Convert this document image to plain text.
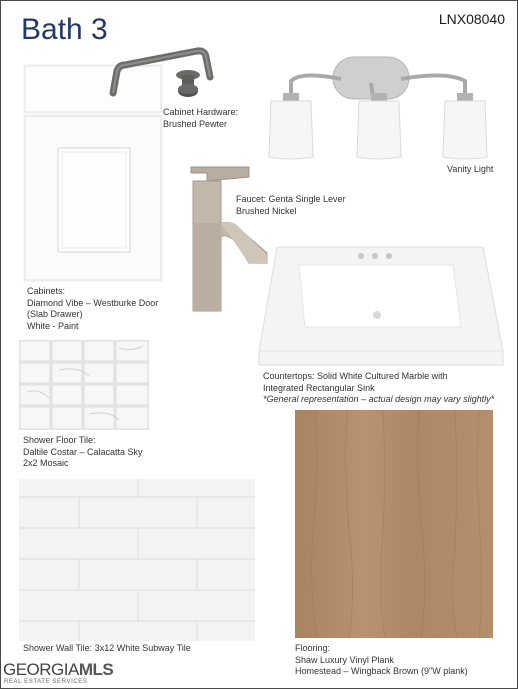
Bath 3	LNX08040
Cabinet Hardware:
Brushed Pewter
Vanity Light
Faucet: Genta Single Lever
Brushed Nickel
Cabinets:
Diamond Vibe – Westburke Door
(Slab Drawer)
White - Paint
Countertops: Solid White Cultured Marble with
Integrated Rectangular Sink
*General representation – actual design may vary slightly*
Shower Floor Tile:
Daltile Costar – Calacatta Sky
2x2 Mosaic
Shower Wall Tile: 3x12 White Subway Tile	Flooring:
Shaw Luxury Vinyl Plank
Homestead – Wingback Brown (9"W plank)
GEORGIAMLS
REAL ESTATE SERVICES
